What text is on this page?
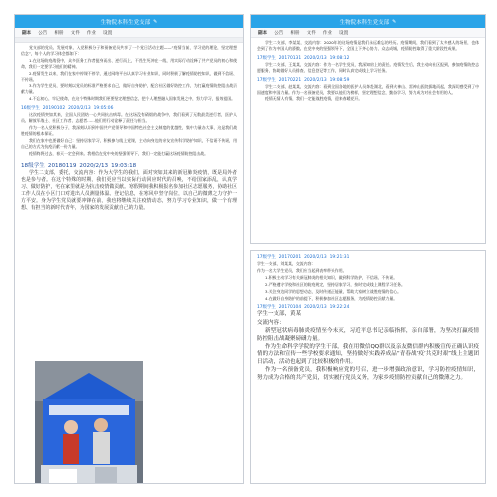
生物院本科生党支部 ✎
副本 公告 相册 文件 作业 设置

党支部的党员、发展对象、入党积极分子和预备党员共享了一个党日活动主题——“疫情当前，学习党的理论，坚定理想信念”，每个人的学习体会都如下：

1.在这场防疫战役中，众多医务工作者挺身而出、逆行而上，不畏生死冲在一线，用实际行动诠释了共产党员的初心和使命，我们一定要学习他们的精神。

2.疫情发生以来，我们在家中停课不停学，通过网络平台认真学习专业知识，同时积极了解疫情防控知识，做到不信谣、不传谣。

3.作为学生党员，要时刻以党员的标准严格要求自己，做好自身防护，配合社区做好防控工作，为打赢疫情防控阻击战贡献力量。

4.不忘初心，牢记使命，在这个特殊时期我们更要坚定理想信念，把个人理想融入国家发展之中，努力学习，报效祖国。

16级学生 20190102 2020/2/13 19:05:06

这次疫情突如其来，全国人民团结一心共同抗击病毒。在这场没有硝烟的战争中，我们看到了无数最美逆行者，医护人员、解放军战士、社区工作者、志愿者……他们用行动诠释了责任与担当。

作为一名入党积极分子，我深刻认识到中国共产党领导和中国特色社会主义制度的优越性，集中力量办大事，这是我们战胜疫情的根本保证。

我们在家中也要做好自己：坚持居家学习，积极参与线上党课，主动向身边的亲友宣传科学防护知识，不信谣不传谣，用自己的方式为抗疫贡献一份力量。

疫情终将过去，春天一定会到来。我相信在党中央的坚强领导下，我们一定能打赢这场疫情防控阻击战。

18级学生 20180119 2020/2/13 19:03:18

学生二支部，委托，交流内容：作为大学生的我们，面对突如其来的新冠肺炎疫情，既是局外者也是参与者。在这个特殊的时期，我们更应当以实际行动回应时代的召唤，不给国家添乱，认真学习、做好防护，宅在家里就是为抗击疫情做贡献。寒假期间我积极报名参加社区志愿服务，协助社区工作人员在小区门口对进出人员测量体温、登记信息，在寒风中坚守岗位，以自己的微薄之力守护一方平安。身为学生党员就要冲锋在前，我也将继续关注疫情动态，努力学习专业知识，做一个有理想、有担当的新时代青年，为国家的发展贡献自己的力量。

生物院本科生党支部 ✎
副本 公告 相册 文件 作业 设置

学生二支部，李某某，交流内容：2020年的这场疫情是我们永远难忘的经历。疫情期间，我们看到了太多感人的场景，也体会到了作为中国人的骄傲。在党中央的坚强领导下，全国上下齐心协力、众志成城，疫情防控取得了重大阶段性成果。

17级学生 20170131 2020/2/13 19:08:12

学生二支部，王某某，交流内容：作为一名学生党员，我深知肩上的责任。疫情发生后，我主动向社区报到，参加疫情防控志愿服务，协助做好人员排查、信息登记等工作，同时认真完成线上学习任务。

17级学生 20170221 2020/2/13 19:08:59

学生二支部，赵某某，交流内容：看到全国各地的医护人员奔赴湖北，看到火神山、雷神山医院拔地而起，我深切感受到了中国速度和中国力量。作为一名预备党员，我要以他们为榜样，坚定理想信念，勤奋学习，努力成为对社会有用的人。

疫情无情人有情，我们一定能战胜疫情，迎来春暖花开。

17级学生 20170201 2020/2/13 19:21:31

学生一支部，刘某某，交流内容：

作为一名大学生党员，我们应当起到表率带头作用。

1.积极主动学习有关新冠肺炎的相关知识，做到科学防护，不信谣、不传谣。

2.严格遵守学校和社区的防疫规定，坚持居家学习，按时完成线上课程学习任务。

3.关注身边同学的思想动态，及时传递正能量，帮助大家树立战胜疫情的信心。

4.在做好自身防护的前提下，积极参加社区志愿服务，为疫情防控贡献力量。

17级学生 20170104 2020/2/13 19:22:24

学生一支部，黄某

交流内容：

新型冠状病毒肺炎疫情至今未灭，习近平总书记亲临指挥，亲自部署，为坚决打赢疫情防控阻击战凝聚磅礴力量。

作为生命科学学院的学生干部，我在用微信QQ群以及亲友微信群内积极宣传正确认识疫情的方法和宣传一些学校要求通知，坚持做好实践养成品“青春战‘疫’共克时艰”线上主题团日活动，活动也起到了比较积极的作用。

作为一名预备党员，我积极响应党的号召，进一步增强政治意识，学习防控疫情知识，努力成为合格的共产党员，切实履行党员义务，为家乡疫情防控贡献自己的微薄之力。
